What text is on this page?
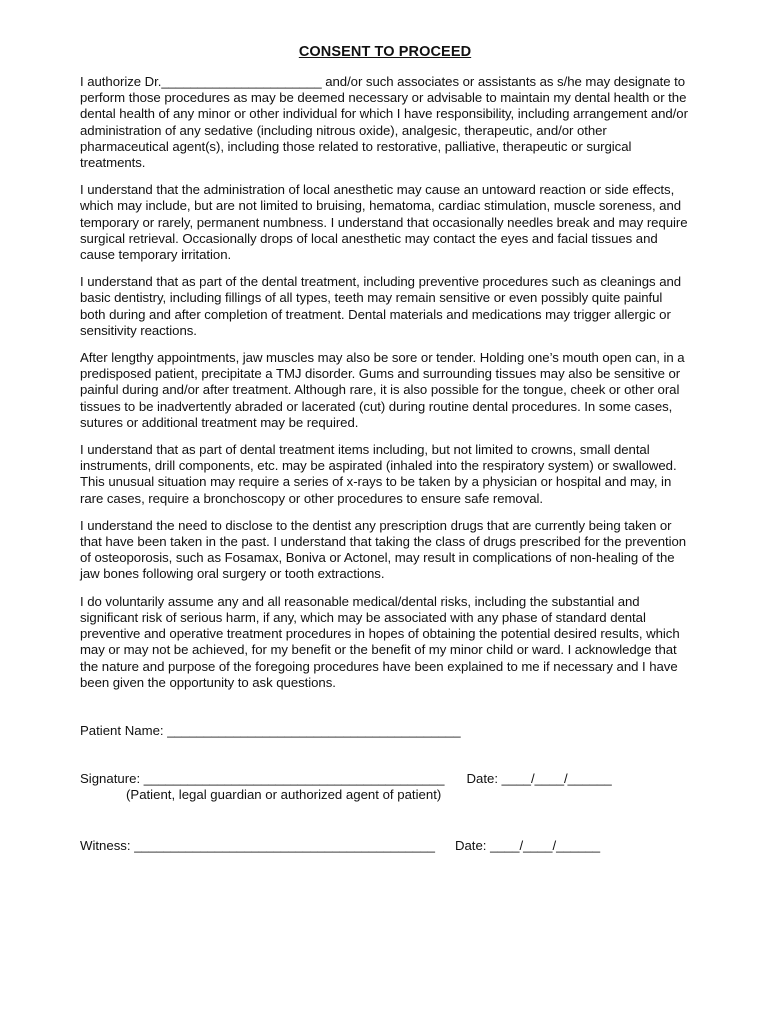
CONSENT TO PROCEED

I authorize Dr.______________________ and/or such associates or assistants as s/he may designate to perform those procedures as may be deemed necessary or advisable to maintain my dental health or the dental health of any minor or other individual for which I have responsibility, including arrangement and/or administration of any sedative (including nitrous oxide), analgesic, therapeutic, and/or other pharmaceutical agent(s), including those related to restorative, palliative, therapeutic or surgical treatments.

I understand that the administration of local anesthetic may cause an untoward reaction or side effects, which may include, but are not limited to bruising, hematoma, cardiac stimulation, muscle soreness, and temporary or rarely, permanent numbness. I understand that occasionally needles break and may require surgical retrieval. Occasionally drops of local anesthetic may contact the eyes and facial tissues and cause temporary irritation.

I understand that as part of the dental treatment, including preventive procedures such as cleanings and basic dentistry, including fillings of all types, teeth may remain sensitive or even possibly quite painful both during and after completion of treatment. Dental materials and medications may trigger allergic or sensitivity reactions.

After lengthy appointments, jaw muscles may also be sore or tender. Holding one’s mouth open can, in a predisposed patient, precipitate a TMJ disorder. Gums and surrounding tissues may also be sensitive or painful during and/or after treatment. Although rare, it is also possible for the tongue, cheek or other oral tissues to be inadvertently abraded or lacerated (cut) during routine dental procedures. In some cases, sutures or additional treatment may be required.

I understand that as part of dental treatment items including, but not limited to crowns, small dental instruments, drill components, etc. may be aspirated (inhaled into the respiratory system) or swallowed. This unusual situation may require a series of x-rays to be taken by a physician or hospital and may, in rare cases, require a bronchoscopy or other procedures to ensure safe removal.

I understand the need to disclose to the dentist any prescription drugs that are currently being taken or that have been taken in the past. I understand that taking the class of drugs prescribed for the prevention of osteoporosis, such as Fosamax, Boniva or Actonel, may result in complications of non-healing of the jaw bones following oral surgery or tooth extractions.

I do voluntarily assume any and all reasonable medical/dental risks, including the substantial and significant risk of serious harm, if any, which may be associated with any phase of standard dental preventive and operative treatment procedures in hopes of obtaining the potential desired results, which may or may not be achieved, for my benefit or the benefit of my minor child or ward. I acknowledge that the nature and purpose of the foregoing procedures have been explained to me if necessary and I have been given the opportunity to ask questions.

Patient Name: ________________________________________
Signature: _________________________________________ Date: ____/____/______
(Patient, legal guardian or authorized agent of patient)
Witness: _________________________________________ Date: ____/____/______
